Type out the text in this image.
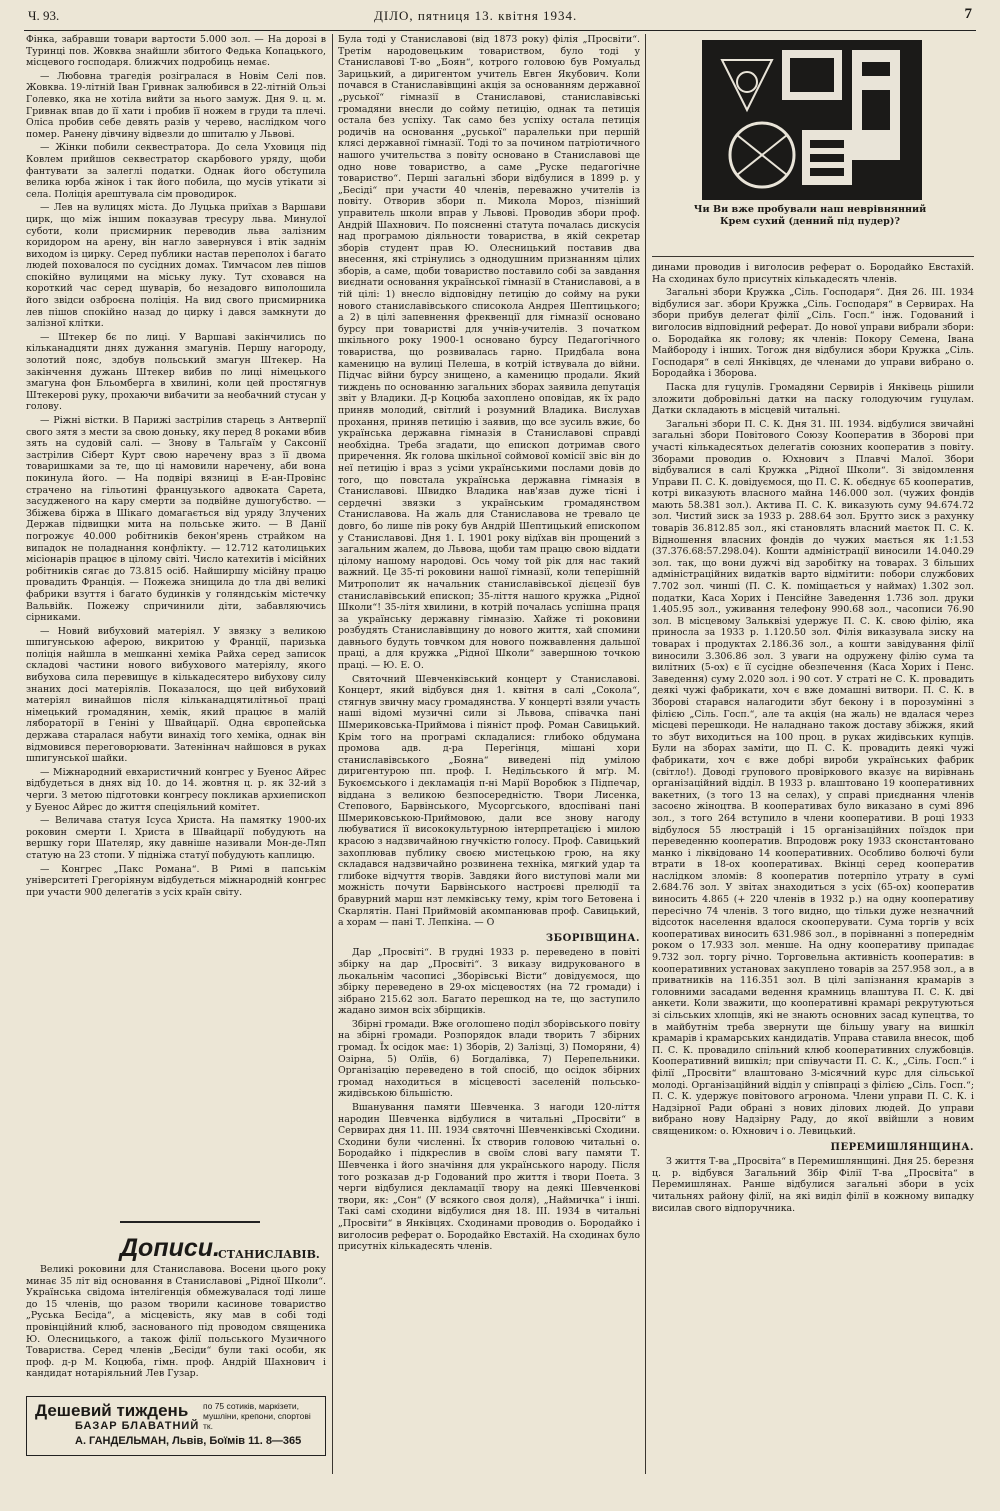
Ч. 93.	ДІЛО, пятниця 13. квітня 1934.	7

Фінка, забравши товари вартости 5.000 зол. — На дорозі в Туринці пов. Жовква знайшли збитого Федька Копацького, місцевого господаря. ближчих подробиць немає.

— Любовна трагедія розігралася в Новім Селі пов. Жовква. 19-літній Іван Гривнак залюбився в 22-літній Ользі Голевко, яка не хотіла вийти за нього замуж. Дня 9. ц. м. Гривнак впав до її хати і пробив її ножем в груди та плечі. Оліса пробив себе девять разів у черево, наслідком чого помер. Ранену дівчину відвезли до шпиталю у Львові.

— Жінки побили секвестратора. До села Уховиця під Ковлем прийшов секвестратор скарбового уряду, щоби фантувати за залеглі податки. Однак його обступила велика юрба жінок і так його побила, що мусів утікати зі села. Поліція арештувала сім проводирок.

— Лев на вулицях міста. До Луцька приїхав з Варшави цирк, що між іншим показував тресуру льва. Минулої суботи, коли приcмирник переводив льва залізним коридором на арену, він нагло завернувся і втік заднім виходом із цирку. Серед публики настав переполох і багато людей поховалося по сусідних домах. Тимчасом лев пішов спокійно вулицями на міську луку. Тут сховався на короткий час серед шуварів, бо незадовго виполошила його звідси озброєна поліція. На вид свого приcмирника лев пішов спокійно назад до цирку і дався замкнути до залізної клітки.

— Штекер бє по лиці. У Варшаві закінчились по кільканадцяти днях дужання змагунів. Першу нагороду, золотий пояс, здобув польський змагун Штекер. На закінчення дужань Штекер вибив по лиці німецького змагуна фон Бльомберга в хвилині, коли цей простягнув Штекерові руку, прохаючи вибачити за необачний стусан у голову.

— Ріжні вістки. В Парижі застрілив старець з Антверпії свого зятя з мести за свою доньку, яку перед 8 роками вбив зять на судовій салі. — Знову в Тальгаїм у Саксонії застрілив Сіберт Курт свою наречену враз з її двома товаришками за те, що ці намовили наречену, аби вона покинула його. — На подвірі вязниці в Е-ан-Провінс страчено на гільотині французького адвоката Сарета, засудженого на кару смерти за подвійне душогубство. — Збіжева біржа в Шікаго домагається від уряду Злучених Держав підвищки мита на польське жито. — В Данії погрожує 40.000 робітників бекон'ярень страйком на випадок не поладнання конфлікту. — 12.712 католицьких місіонарів працює в цілому світі. Число катехитів і місійних робітників сягає до 73.815 осіб. Найширшу місійну працю провадить Франція. — Пожежа знищила до тла дві великі фабрики взуття і багато будинків у голяндськім містечку Вальвійк. Пожежу спричинили діти, забавляючись сірниками.

— Новий вибуховий матеріял. У звязку з великою шпигунською аферою, викритою у Франції, паризька поліція найшла в мешканні хеміка Райха серед записок складові частини нового вибухового матеріялу, якого вибухова сила перевищує в кількадесятеро вибухову силу знаних досі матеріялів. Показалося, що цей вибуховий матеріял винайшов після кільканадцятилітньої праці німецький громадянин, хемік, який працює в малій лябораторії в Геніні у Швайцарії. Одна європейська держава старалася набути винахід того хеміка, однак він відмовився переговорювати. Затеніннач найшовся в руках шпигунської шайки.

— Міжнародний евхаристичний конгрес у Буенос Айрес відбудеться в днях від 10. до 14. жовтня ц. р. як 32-ий з черги. З метою підготовки конгресу покликав архиепископ у Буенос Айрес до життя спеціяльний комітет.

— Величава статуя Ісуса Христа. На памятку 1900-их роковин смерти І. Христа в Швайцарії побудують на вершку гори Шателяр, яку давніше називали Мон-де-Ляп статую на 23 стопи. У підніжа статуї побудують каплицю.

— Конгрес „Пакс Романа“. В Римі в папськім університеті Грегоріянум відбудеться міжнародній конгрес при участи 900 делегатів з усіх країн світу.

Дописи.
СТАНИСЛАВІВ.

Великі роковини для Станиславова. Восени цього року минає 35 літ від основання в Станиславові „Рідної Школи“. Українська свідома інтелігенція обмежувалася тоді лише до 15 членів, що разом творили касинове товариство „Руська Бесіда“, а місцевість, яку мав в собі тоді провінційний клюб, заснованого під проводом священика Ю. Олесницького, а також філії польського Музичного Товариства. Серед членів „Бесіди“ були такі особи, як проф. д-р М. Коцюба, гімн. проф. Андрій Шахнович і кандидат нотаріяльний Лев Гузар.

Дешевий тиждень по 75 сотиків, маркізети, мушліни, крепони, спортові тк.
БАЗАР БЛАВАТНИЙ
А. ГАНДЕЛЬМАН, Львів, Боїмів 11. 8—365

Була тоді у Станиславові (від 1873 року) філія „Просвіти“. Третім народовецьким товариством, було тоді у Станиславові Т-во „Боян“, котрого головою був Ромуальд Зарицький, а диригентом учитель Евген Якубович. Коли почався в Станиславівщині акція за основанням державної „руської“ гімназії в Станиславові, станиславівські громадяни внесли до сойму петицію, однак та петиція остала без успіху. Так само без успіху остала петиція родичів на основання „руської“ паралельки при першій клясі державної гімназії. Тоді то за почином патріотичного нашого учительства з повіту основано в Станиславові ще одно нове товариство, а саме „Руске педагогічне товариство“. Перші загальні збори відбулися в 1899 р. у „Бесіді“ при участи 40 членів, переважно учителів із повіту. Отворив збори п. Микола Мороз, пізніший управитель школи вправ у Львові. Проводив збори проф. Андрій Шахнович. По поясненні статута почалась дискусія над програмою діяльности товариства, в якій секретар зборів студент прав Ю. Олесницький поставив два внесення, які стрінулись з однодушним признанням цілих зборів, а саме, щоби товариство поставило собі за завдання виєднати основання української гімназії в Станиславові, а в тій цілі: 1) внесло відповідну петицію до сойму на руки нового станиславівського списокола Андрея Шептицького; а 2) в цілі запевнення фреквенції для гімназії основано бурсу при товаристві для учнів-учителів. З початком шкільного року 1900-1 основано бурсу Педагогічного товариства, що розвивалась гарно. Придбала вона каменицю на вулиці Пелеша, в котрій іствувала до війни. Підчас війни бурсу знищено, а каменицю продали. Який тиждень по основанню загальних зборах заявила депутація звіт у Владики. Д-р Коцюба захоплено оповідав, як їх радо приняв молодий, світлий і розумний Владика. Вислухав прохання, приняв петицію і заявив, що все зусиль вжиє, бо українська державна гімназія в Станиславові справді необхідна. Треба згадати, що епископ дотримав свого приречення. Як голова шкільної соймової комісії звіс він до неї петицію і враз з усіми українськими послами довів до того, що повстала українська державна гімназія в Станиславові. Швидко Владика нав'язав дуже тісні і сердечні звязки з українським громадянством Станиславова. На жаль для Станиславова не тревало це довго, бо лише пів року був Андрій Шептицький епископом у Станиславові. Дня 1. I. 1901 року відїхав він прощений з загальним жалем, до Львова, щоби там працю свою віддати цілому нашому народові. Ось чому той рік для нас такий важний. Це 35-ті роковини нашої гімназії, коли теперішній Митрополит як начальник станиславівської дієцезії був станиславівський епископ; 35-ліття нашого кружка „Рідної Школи“! 35-літя хвилини, в котрій почалась успішна праця за українську державну гімназію. Хайже ті роковини розбудять Станиславівщину до нового життя, хай спомини давнього будуть товчком для нового пожвавлення дальшої праці, а для кружка „Рідної Школи“ завершною точкою праці. — Ю. Е. О.

Святочний Шевченківський концерт у Станиславові. Концерт, який відбувся дня 1. квітня в салі „Сокола“, стягнув звичну масу громадянства. У концерті взяли участь наші відомі музичні сили зі Львова, співачка пані Шмериковська-Приймова і піяніст проф. Роман Савицький. Крім того на програмі складалися: глибоко обдумана промова адв. д-ра Перегінця, мішані хори станиславівського „Бояна“ виведені під умілою диригентурою пп. проф. І. Недільського й мґр. М. Букоємського і декламація п-ні Марії Воробюк з Підпечар, віддана з великою безпосередністю. Твори Лисенка, Степового, Барвінського, Мусоргського, вдоспівані пані Шмериковською-Приймовою, дали все знову нагоду любуватися її висококультурною інтерпретацією і милою красою з надзвичайною гнучкістю голосу. Проф. Савицький захоплював публику своєю мистецькою грою, на яку складався надзвичайно розвинена техніка, мягкий удар та глибоке відчуття творів. Завдяки його виступові мали ми можність почути Барвінського настроєві прелюдії та бравурний марш нзт лемківську тему, крім того Бетовена і Скарлятін. Пані Приймовій акомпанював проф. Савицький, а хорам — пані Т. Лепкіна. — О

ЗБОРІВЩИНА.

Дар „Просвіті“. В грудні 1933 р. переведено в повіті збірку на дар „Просвіті“. З виказу видрукованого в льокальнім часописі „Зборівські Вісти“ довідуємося, що збірку переведено в 29-ох місцевостях (на 72 громади) і зібрано 215.62 зол. Багато перешкод на те, що заступило жадано зимон всіх збірщиків.

Збірні громади. Вже оголошено поділ зборівського повіту на збірні громади. Розпорядок влади творить 7 збірних громад. Їх осідок має: 1) Зборів, 2) Залізці, 3) Поморяни, 4) Озірна, 5) Олїів, 6) Богдалівка, 7) Перепельники. Організацію переведено в той спосіб, що осідок збірних громад находиться в місцевості заселеній польсько-жидівською більшістю.

Вшанування памяти Шевченка. З нагоди 120-ліття народин Шевченка відбулися в читальні „Просвіти“ в Сервирах дня 11. III. 1934 святочні Шевченківські Сходини. Сходини були численні. Їх створив головою читальні о. Бородайко і підкреслив в своїм слові вагу памяти Т. Шевченка і його значіння для українського народу. Після того розказав д-р Годований про життя і твори Поета. З черги відбулися декламації твору на деякі Шевченкові твори, як: „Сон“ (У всякого своя доля), „Наймичка“ і інші. Такі самі сходини відбулися дня 18. III. 1934 в читальні „Просвіти“ в Янківцях. Сходинами проводив о. Бородайко і виголосив реферат о. Бородайко Евстахій. На сходинах було присутніх кількадесять членів.

Чи Ви вже пробували наш неврівнянний Крем сухий (денний під пудер)?

динами проводив і виголосив реферат о. Бородайко Евстахій. На сходинах було присутніх кількадесять членів.

Загальні збори Кружка „Сіль. Господаря“. Дня 26. III. 1934 відбулися заг. збори Кружка „Сіль. Господаря“ в Сервирах. На збори прибув делегат філії „Сіль. Госп.“ інж. Годований і виголосив відповідний реферат. До нової управи вибрали збори: о. Бородайка як голову; як членів: Покору Семена, Івана Майбороду і інших. Тогож дня відбулися збори Кружка „Сіль. Господаря“ в селі Янківцях, де членами до управи вибрано о. Бородайка і Зборова.

Паска для гуцулів. Громадяни Сервирів і Янківець рішили зложити добровільні датки на паску голодуючим гуцулам. Датки складають в місцевій читальні.

Загальні збори П. С. К. Дня 31. III. 1934. відбулися звичайні загальні збори Повітового Союзу Кооператив в Зборові при участі кількадесятьох делегатів союзних кооператив з повіту. Зборами проводив о. Юхнович з Плавчі Малої. Збори відбувалися в салі Кружка „Рідної Школи“. Зі звідомлення Управи П. С. К. довідуємося, що П. С. К. обєднує 65 кооператив, котрі виказують власного майна 146.000 зол. (чужих фондів мають 58.381 зол.). Актива П. С. К. виказують суму 94.674.72 зол. Чистий зиск за 1933 р. 288.64 зол. Брутто зиск з рахунку товарів 36.812.85 зол., які становлять власний маєток П. С. К. Відношення власних фондів до чужих мається як 1:1.53 (37.376.68:57.298.04). Кошти адміністрації виносили 14.040.29 зол. так, що вони дужчі від заробітку на товарах. З більших адміністраційних видатків варто відмітити: побори службових 7.702 зол. чинші (П. С. К. поміщається у наймах) 1.302 зол. податки, Каса Хорих і Пенсійне Заведення 1.736 зол. друки 1.405.95 зол., уживання телефону 990.68 зол., часописи 76.90 зол. В місцевому Зальквізі удержує П. С. К. свою філію, яка приносла за 1933 р. 1.120.50 зол. Філія виказувала зиску на товарах і продуктах 2.186.36 зол., а кошти завідування філії виносили 3.306.86 зол. З уваги на одружену філію сума та вилітних (5-ох) є її сусідне обезпечення (Каса Хорих і Пенс. Заведення) суму 2.020 зол. і 90 сот. У страті не С. К. провадить деякі чужі фабрикати, хоч є вже домашні витвори. П. С. К. в Зборові старався налагодити збут бекону і в порозумінні з філією „Сіль. Госп.“, але та акція (на жаль) не вдалася через місцеві перешкоди. Не наладнано також доставу збіжжя, який то збут виходиться на 100 проц. в руках жидівських купців. Були на зборах заміти, що П. С. К. провадить деякі чужі фабрикати, хоч є вже добрі вироби українських фабрик (світло!). Доводі групового провіркового вказує на вирівнань організаційний відділ. В 1933 р. влаштовано 19 кооперативних вакетних, (з того 13 на селах), у справі приєднання членів засоєно жіноцтва. В кооперативах було виказано в сумі 896 зол., з того 264 вступило в члени кооперативи. В році 1933 відбулося 55 люстрацій і 15 організаційних поїздок при переведенню кооператив. Впродовж року 1933 сконстантовано манко і ліквідовано 14 кооперативних. Особливо болючі були втрати в 18-ох кооперативах. Вкінці серед кооператив наслідком зломів: 8 кооператив потерпіло утрату в сумі 2.684.76 зол. У звітах знаходиться з усіх (65-ох) кооператив виносить 4.865 (+ 220 членів в 1932 р.) на одну кооперативу пересічно 74 членів. З того видно, що тільки дуже незначний відсоток населення вдалося скооперувати. Сума торгів у всіх кооперативах виносить 631.986 зол., в порівнанні з попереднім роком о 17.933 зол. менше. На одну кооперативу припадає 9.732 зол. торгу річно. Торговельна активність кооператив: в кооперативних установах закуплено товарів за 257.958 зол., а в приватників на 116.351 зол. В цілі запізнання крамарів з головними засадами ведення крамниць влаштува П. С. К. дві анкети. Коли зважити, що кооперативні крамарі рекрутуються зі сільських хлопців, які не знають основних засад купецтва, то в майбутнім треба звернути ще більшу увагу на вишкіл крамарів і крамарських кандидатів. Управа ставила внесок, щоб П. С. К. провадило спільний клюб кооперативних службовців. Кооперативний вишкіл; при співучасти П. С. К., „Сіль. Госп.“ і філії „Просвіти“ влаштовано 3-місячний курс для сільської молоді. Організаційний відділ у співпраці з філією „Сіль. Госп.“; П. С. К. удержує повітового агронома. Члени управи П. С. К. і Надзірної Ради обрані з нових ділових людей. До управи вибрано нову Надзірну Раду, до якої ввійшли з новим священиком: о. Юхнович і о. Левицький.

ПЕРЕМИШЛЯНЩИНА.

З життя Т-ва „Просвіта“ в Перемишлянщині. Дня 25. березня ц. р. відбувся Загальний Збір Філії Т-ва „Просвіта“ в Перемишлянах. Ранше відбулися загальні збори в усіх читальнях району філії, на які виділ філії в кожному випадку висилав свого відпоручника.
